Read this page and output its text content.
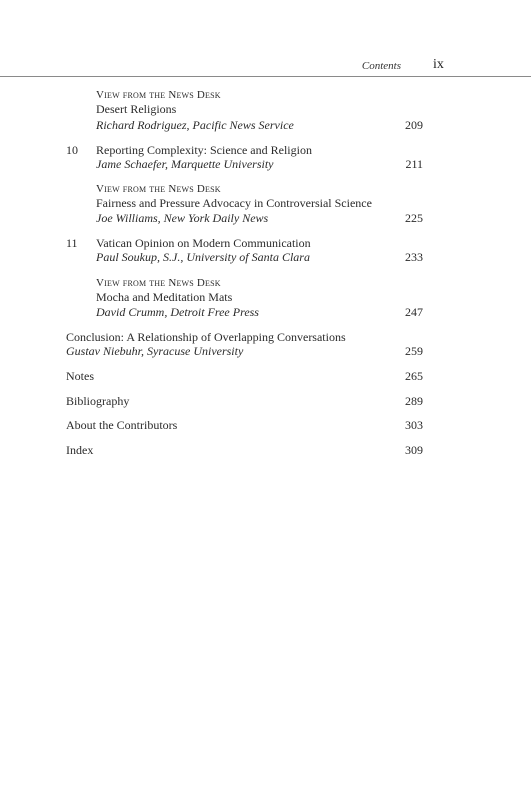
Contents ix
View from the News Desk
Desert Religions
Richard Rodriguez, Pacific News Service	209
10 Reporting Complexity: Science and Religion
Jame Schaefer, Marquette University	211
View from the News Desk
Fairness and Pressure Advocacy in Controversial Science
Joe Williams, New York Daily News	225
11 Vatican Opinion on Modern Communication
Paul Soukup, S.J., University of Santa Clara	233
View from the News Desk
Mocha and Meditation Mats
David Crumm, Detroit Free Press	247
Conclusion: A Relationship of Overlapping Conversations
Gustav Niebuhr, Syracuse University	259
Notes	265
Bibliography	289
About the Contributors	303
Index	309
